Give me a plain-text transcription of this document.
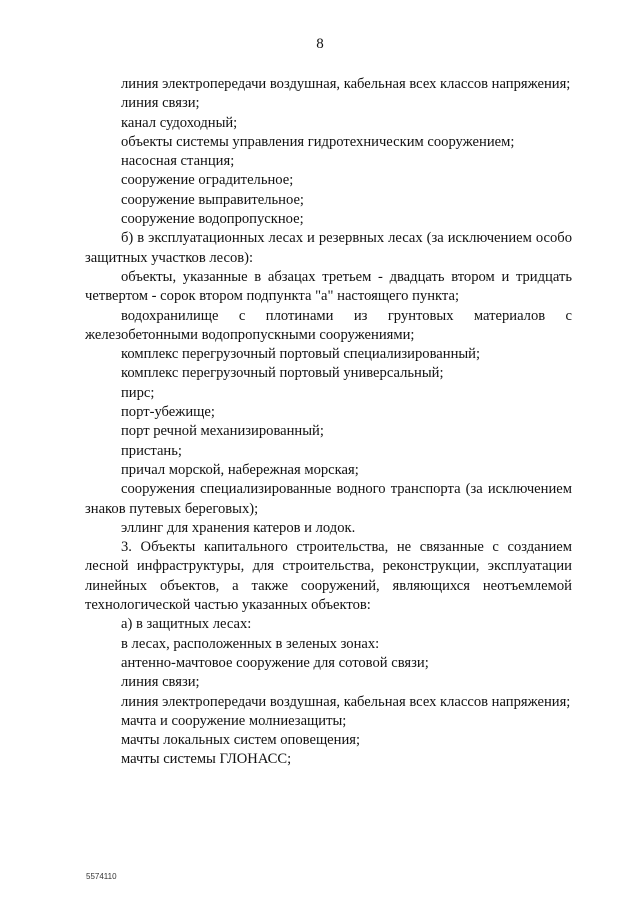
8

линия электропередачи воздушная, кабельная всех классов напряжения;

линия связи;

канал судоходный;

объекты системы управления гидротехническим сооружением;

насосная станция;

сооружение оградительное;

сооружение выправительное;

сооружение водопропускное;

б) в эксплуатационных лесах и резервных лесах (за исключением особо защитных участков лесов):

объекты, указанные в абзацах третьем - двадцать втором и тридцать четвертом - сорок втором подпункта "а" настоящего пункта;

водохранилище с плотинами из грунтовых материалов с железобетонными водопропускными сооружениями;

комплекс перегрузочный портовый специализированный;

комплекс перегрузочный портовый универсальный;

пирс;

порт-убежище;

порт речной механизированный;

пристань;

причал морской, набережная морская;

сооружения специализированные водного транспорта (за исключением знаков путевых береговых);

эллинг для хранения катеров и лодок.

3. Объекты капитального строительства, не связанные с созданием лесной инфраструктуры, для строительства, реконструкции, эксплуатации линейных объектов, а также сооружений, являющихся неотъемлемой технологической частью указанных объектов:

а) в защитных лесах:

в лесах, расположенных в зеленых зонах:

антенно-мачтовое сооружение для сотовой связи;

линия связи;

линия электропередачи воздушная, кабельная всех классов напряжения;

мачта и сооружение молниезащиты;

мачты локальных систем оповещения;

мачты системы ГЛОНАСС;

5574110
